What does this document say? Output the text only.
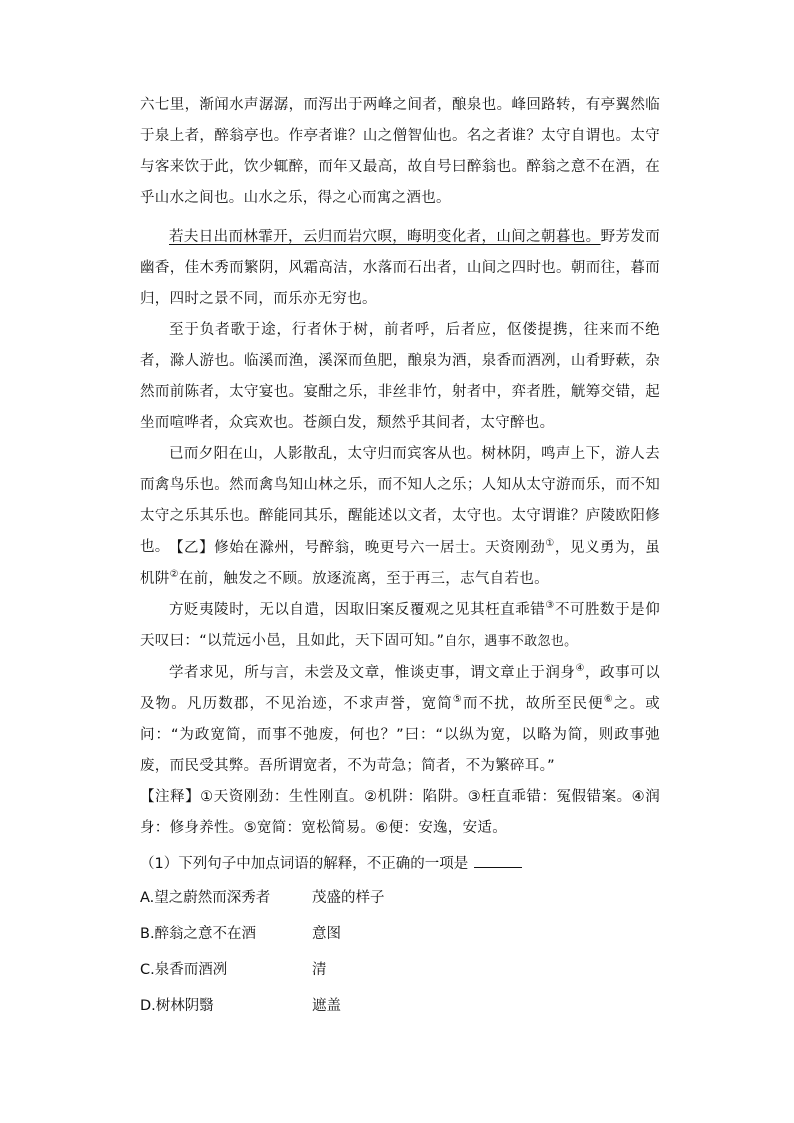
六七里，渐闻水声潺潺，而泻出于两峰之间者，酿泉也。峰回路转，有亭翼然临于泉上者，醉翁亭也。作亭者谁？山之僧智仙也。名之者谁？太守自谓也。太守与客来饮于此，饮少辄醉，而年又最高，故自号曰醉翁也。醉翁之意不在酒，在乎山水之间也。山水之乐，得之心而寓之酒也。

若夫日出而林霏开，云归而岩穴暝，晦明变化者，山间之朝暮也。野芳发而幽香，佳木秀而繁阴，风霜高洁，水落而石出者，山间之四时也。朝而往，暮而归，四时之景不同，而乐亦无穷也。

至于负者歌于途，行者休于树，前者呼，后者应，伛偻提携，往来而不绝者，滁人游也。临溪而渔，溪深而鱼肥，酿泉为酒，泉香而酒冽，山肴野蔌，杂然而前陈者，太守宴也。宴酣之乐，非丝非竹，射者中，弈者胜，觥筹交错，起坐而喧哗者，众宾欢也。苍颜白发，颓然乎其间者，太守醉也。

已而夕阳在山，人影散乱，太守归而宾客从也。树林阴，鸣声上下，游人去而禽鸟乐也。然而禽鸟知山林之乐，而不知人之乐；人知从太守游而乐，而不知太守之乐其乐也。醉能同其乐，醒能述以文者，太守也。太守谓谁？庐陵欧阳修也。 【乙】修始在滁州，号醉翁，晚更号六一居士。天资刚劲①，见义勇为，虽机阱②在前，触发之不顾。放逐流离，至于再三，志气自若也。

方贬夷陵时，无以自遣，因取旧案反覆观之见其枉直乖错③不可胜数于是仰天叹曰：“以荒远小邑，且如此，天下固可知。”自尔，遇事不敢忽也。

学者求见，所与言，未尝及文章，惟谈吏事，谓文章止于润身④，政事可以及物。凡历数郡，不见治迹，不求声誉，宽简⑤而不扰，故所至民便⑥之。或问：“为政宽简，而事不弛废，何也？”曰：“以纵为宽，以略为简，则政事弛废，而民受其弊。吾所谓宽者，不为苛急；简者，不为繁碎耳。”

【注释】①天资刚劲：生性刚直。②机阱：陷阱。③枉直乖错：冤假错案。④润身：修身养性。⑤宽简：宽松简易。⑥便：安逸，安适。

（1）下列句子中加点词语的解释，不正确的一项是

A.望之蔚然而深秀者	茂盛的样子
B.醉翁之意不在酒	意图
C.泉香而酒冽	清
D.树林阴翳	遮盖
